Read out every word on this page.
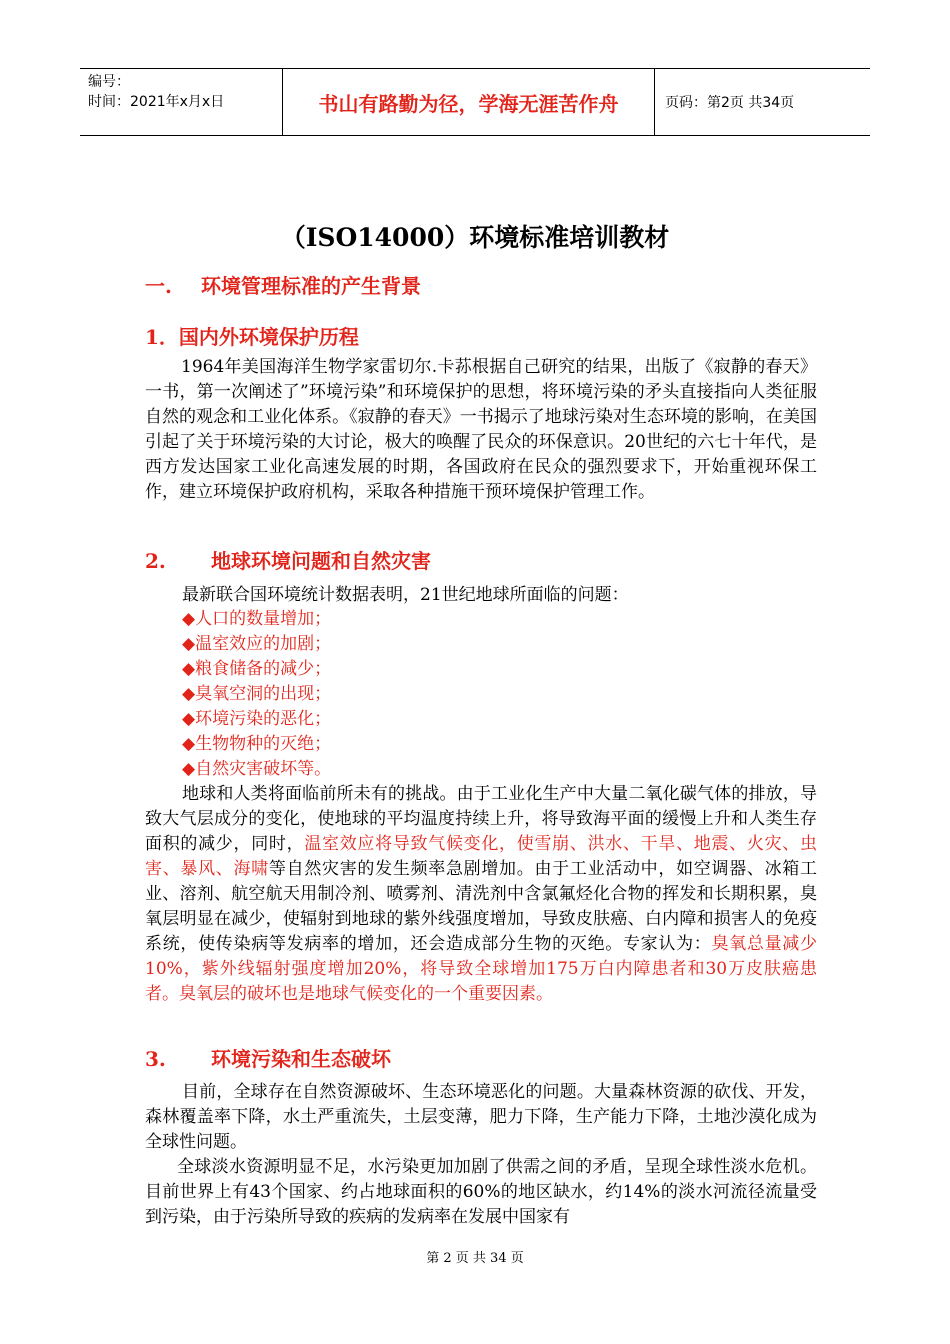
编号：
时间：2021年x月x日	书山有路勤为径，学海无涯苦作舟	页码：第2页 共34页
（ISO14000）环境标准培训教材
一. 环境管理标准的产生背景
1．国内外环境保护历程

1964年美国海洋生物学家雷切尔.卡荪根据自己研究的结果，出版了《寂静的春天》一书，第一次阐述了”环境污染”和环境保护的思想，将环境污染的矛头直接指向人类征服自然的观念和工业化体系。《寂静的春天》一书揭示了地球污染对生态环境的影响，在美国引起了关于环境污染的大讨论，极大的唤醒了民众的环保意识。20世纪的六七十年代，是西方发达国家工业化高速发展的时期，各国政府在民众的强烈要求下，开始重视环保工作，建立环境保护政府机构，采取各种措施干预环境保护管理工作。

2. 地球环境问题和自然灾害
最新联合国环境统计数据表明，21世纪地球所面临的问题：
◆人口的数量增加；
◆温室效应的加剧；
◆粮食储备的减少；
◆臭氧空洞的出现；
◆环境污染的恶化；
◆生物物种的灭绝；
◆自然灾害破坏等。

地球和人类将面临前所未有的挑战。由于工业化生产中大量二氧化碳气体的排放，导致大气层成分的变化，使地球的平均温度持续上升，将导致海平面的缓慢上升和人类生存面积的减少，同时，温室效应将导致气候变化，使雪崩、洪水、干旱、地震、火灾、虫害、暴风、海啸等自然灾害的发生频率急剧增加。由于工业活动中，如空调器、冰箱工业、溶剂、航空航天用制冷剂、喷雾剂、清洗剂中含氯氟烃化合物的挥发和长期积累，臭氧层明显在减少，使辐射到地球的紫外线强度增加，导致皮肤癌、白内障和损害人的免疫系统，使传染病等发病率的增加，还会造成部分生物的灭绝。专家认为：臭氧总量减少10%，紫外线辐射强度增加20%，将导致全球增加175万白内障患者和30万皮肤癌患者。臭氧层的破坏也是地球气候变化的一个重要因素。

3. 环境污染和生态破坏

目前，全球存在自然资源破坏、生态环境恶化的问题。大量森林资源的砍伐、开发，森林覆盖率下降，水土严重流失，土层变薄，肥力下降，生产能力下降，土地沙漠化成为全球性问题。

全球淡水资源明显不足，水污染更加加剧了供需之间的矛盾，呈现全球性淡水危机。目前世界上有43个国家、约占地球面积的60%的地区缺水，约14%的淡水河流径流量受到污染，由于污染所导致的疾病的发病率在发展中国家有

第 2 页 共 34 页
